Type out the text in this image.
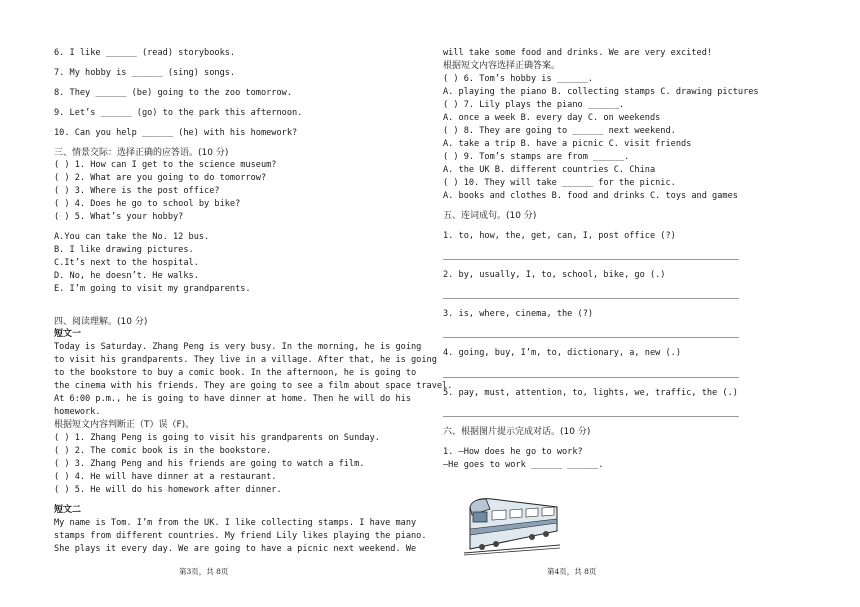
6. I like ______ (read) storybooks.
7. My hobby is ______ (sing) songs.
8. They ______ (be) going to the zoo tomorrow.
9. Let’s ______ (go) to the park this afternoon.
10. Can you help ______ (he) with his homework?
三、情景交际：选择正确的应答语。(10 分)
( ) 1. How can I get to the science museum?
( ) 2. What are you going to do tomorrow?
( ) 3. Where is the post office?
( ) 4. Does he go to school by bike?
( ) 5. What’s your hobby?
A.You can take the No. 12 bus.
B. I like drawing pictures.
C.It’s next to the hospital.
D. No, he doesn’t. He walks.
E. I’m going to visit my grandparents.
四、阅读理解。(10 分)
短文一
Today is Saturday. Zhang Peng is very busy. In the morning, he is going
to visit his grandparents. They live in a village. After that, he is going
to the bookstore to buy a comic book. In the afternoon, he is going to
the cinema with his friends. They are going to see a film about space travel.
At 6:00 p.m., he is going to have dinner at home. Then he will do his
homework.
根据短文内容判断正（T）误（F)。
( ) 1. Zhang Peng is going to visit his grandparents on Sunday.
( ) 2. The comic book is in the bookstore.
( ) 3. Zhang Peng and his friends are going to watch a film.
( ) 4. He will have dinner at a restaurant.
( ) 5. He will do his homework after dinner.
短文二
My name is Tom. I’m from the UK. I like collecting stamps. I have many
stamps from different countries. My friend Lily likes playing the piano.
She plays it every day. We are going to have a picnic next weekend. We
第3页，共 8页
will take some food and drinks. We are very excited!
根据短文内容选择正确答案。
( ) 6. Tom’s hobby is ______.
A. playing the piano B. collecting stamps C. drawing pictures
( ) 7. Lily plays the piano ______.
A. once a week B. every day C. on weekends
( ) 8. They are going to ______ next weekend.
A. take a trip B. have a picnic C. visit friends
( ) 9. Tom’s stamps are from ______.
A. the UK B. different countries C. China
( ) 10. They will take ______ for the picnic.
A. books and clothes B. food and drinks C. toys and games
五、连词成句。(10 分)
1. to, how, the, get, can, I, post office (?)
2. by, usually, I, to, school, bike, go (.)
3. is, where, cinema, the (?)
4. going, buy, I’m, to, dictionary, a, new (.)
5. pay, must, attention, to, lights, we, traffic, the (.)
六、根据图片提示完成对话。(10 分)
1. —How does he go to work?
—He goes to work ______ ______.
第4页，共 8页
